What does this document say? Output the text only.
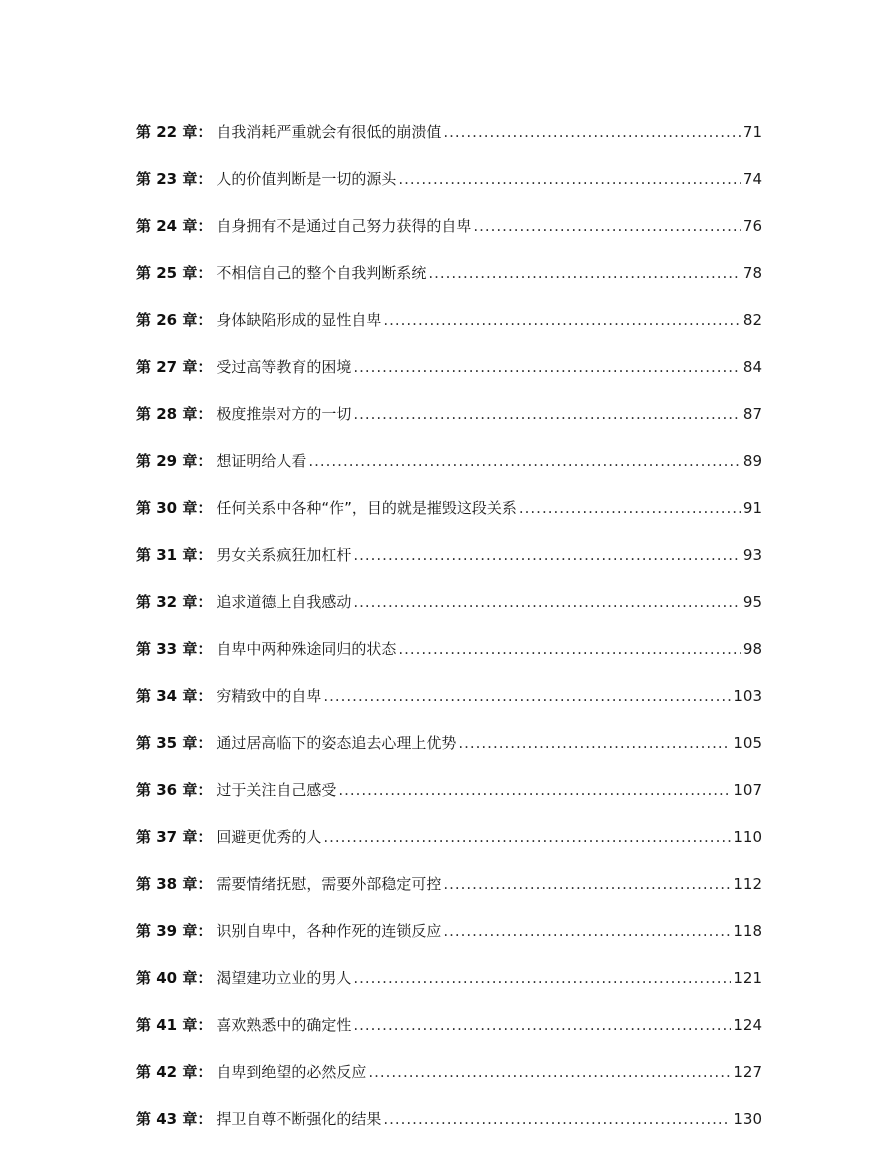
第 22 章： 自我消耗严重就会有很低的崩溃值 .....	71
第 23 章： 人的价值判断是一切的源头 .....	74
第 24 章： 自身拥有不是通过自己努力获得的自卑 .....	76
第 25 章： 不相信自己的整个自我判断系统 .....	78
第 26 章： 身体缺陷形成的显性自卑 .....	82
第 27 章： 受过高等教育的困境 .....	84
第 28 章： 极度推崇对方的一切 .....	87
第 29 章： 想证明给人看 .....	89
第 30 章： 任何关系中各种“作”，目的就是摧毁这段关系 .....	91
第 31 章： 男女关系疯狂加杠杆 .....	93
第 32 章： 追求道德上自我感动 .....	95
第 33 章： 自卑中两种殊途同归的状态 .....	98
第 34 章： 穷精致中的自卑 .....	103
第 35 章： 通过居高临下的姿态追去心理上优势 .....	105
第 36 章： 过于关注自己感受 .....	107
第 37 章： 回避更优秀的人 .....	110
第 38 章： 需要情绪抚慰，需要外部稳定可控 .....	112
第 39 章： 识别自卑中，各种作死的连锁反应 .....	118
第 40 章： 渴望建功立业的男人 .....	121
第 41 章： 喜欢熟悉中的确定性 .....	124
第 42 章： 自卑到绝望的必然反应 .....	127
第 43 章： 捍卫自尊不断强化的结果 .....	130
